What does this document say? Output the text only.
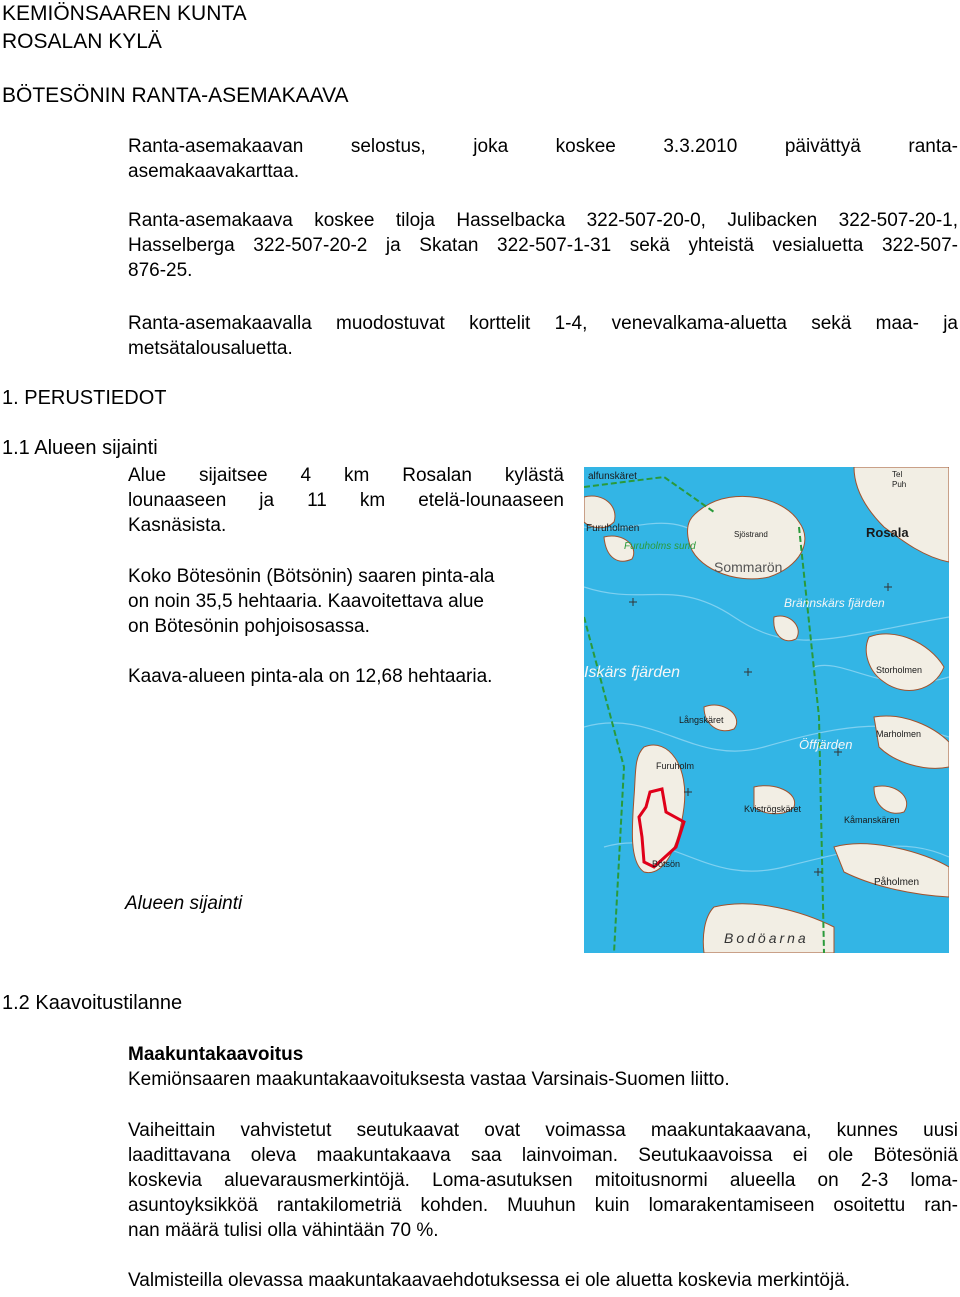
KEMIÖNSAAREN KUNTA
ROSALAN KYLÄ
BÖTESÖNIN RANTA-ASEMAKAAVA
Ranta-asemakaavan selostus, joka koskee 3.3.2010 päivättyä ranta-
asemakaavakarttaa.
Ranta-asemakaava koskee tiloja Hasselbacka 322-507-20-0, Julibacken 322-507-20-1,
Hasselberga 322-507-20-2 ja Skatan 322-507-1-31 sekä yhteistä vesialuetta 322-507-
876-25.
Ranta-asemakaavalla muodostuvat korttelit 1-4, venevalkama-aluetta sekä maa- ja
metsätalousaluetta.
1. PERUSTIEDOT
1.1 Alueen sijainti
Alue sijaitsee 4 km Rosalan kylästä
lounaaseen ja 11 km etelä-lounaaseen
Kasnäsista.
Koko Bötesönin (Bötsönin) saaren pinta-ala
on noin 35,5 hehtaaria. Kaavoitettava alue
on Bötesönin pohjoisosassa.
Kaava-alueen pinta-ala on 12,68 hehtaaria.
Alueen sijainti
alfunskäret
Furuholmen
Furuholms sund
Sjöstrand
Sommarön
Tel
Puh
Rosala
Brännskärs fjärden
Iskärs fjärden	Storholmen
Långskäret
Marholmen
Öffjärden
Furuholm
Kviströgskäret
Kåmanskären
Bötsön
Påholmen
Bodöarna
1.2 Kaavoitustilanne
Maakuntakaavoitus
Kemiönsaaren maakuntakaavoituksesta vastaa Varsinais-Suomen liitto.
Vaiheittain vahvistetut seutukaavat ovat voimassa maakuntakaavana, kunnes uusi
laadittavana oleva maakuntakaava saa lainvoiman. Seutukaavoissa ei ole Bötesöniä
koskevia aluevarausmerkintöjä. Loma-asutuksen mitoitusnormi alueella on 2-3 loma-
asuntoyksikköä rantakilometriä kohden. Muuhun kuin lomarakentamiseen osoitettu ran-
nan määrä tulisi olla vähintään 70 %.
Valmisteilla olevassa maakuntakaavaehdotuksessa ei ole aluetta koskevia merkintöjä.
